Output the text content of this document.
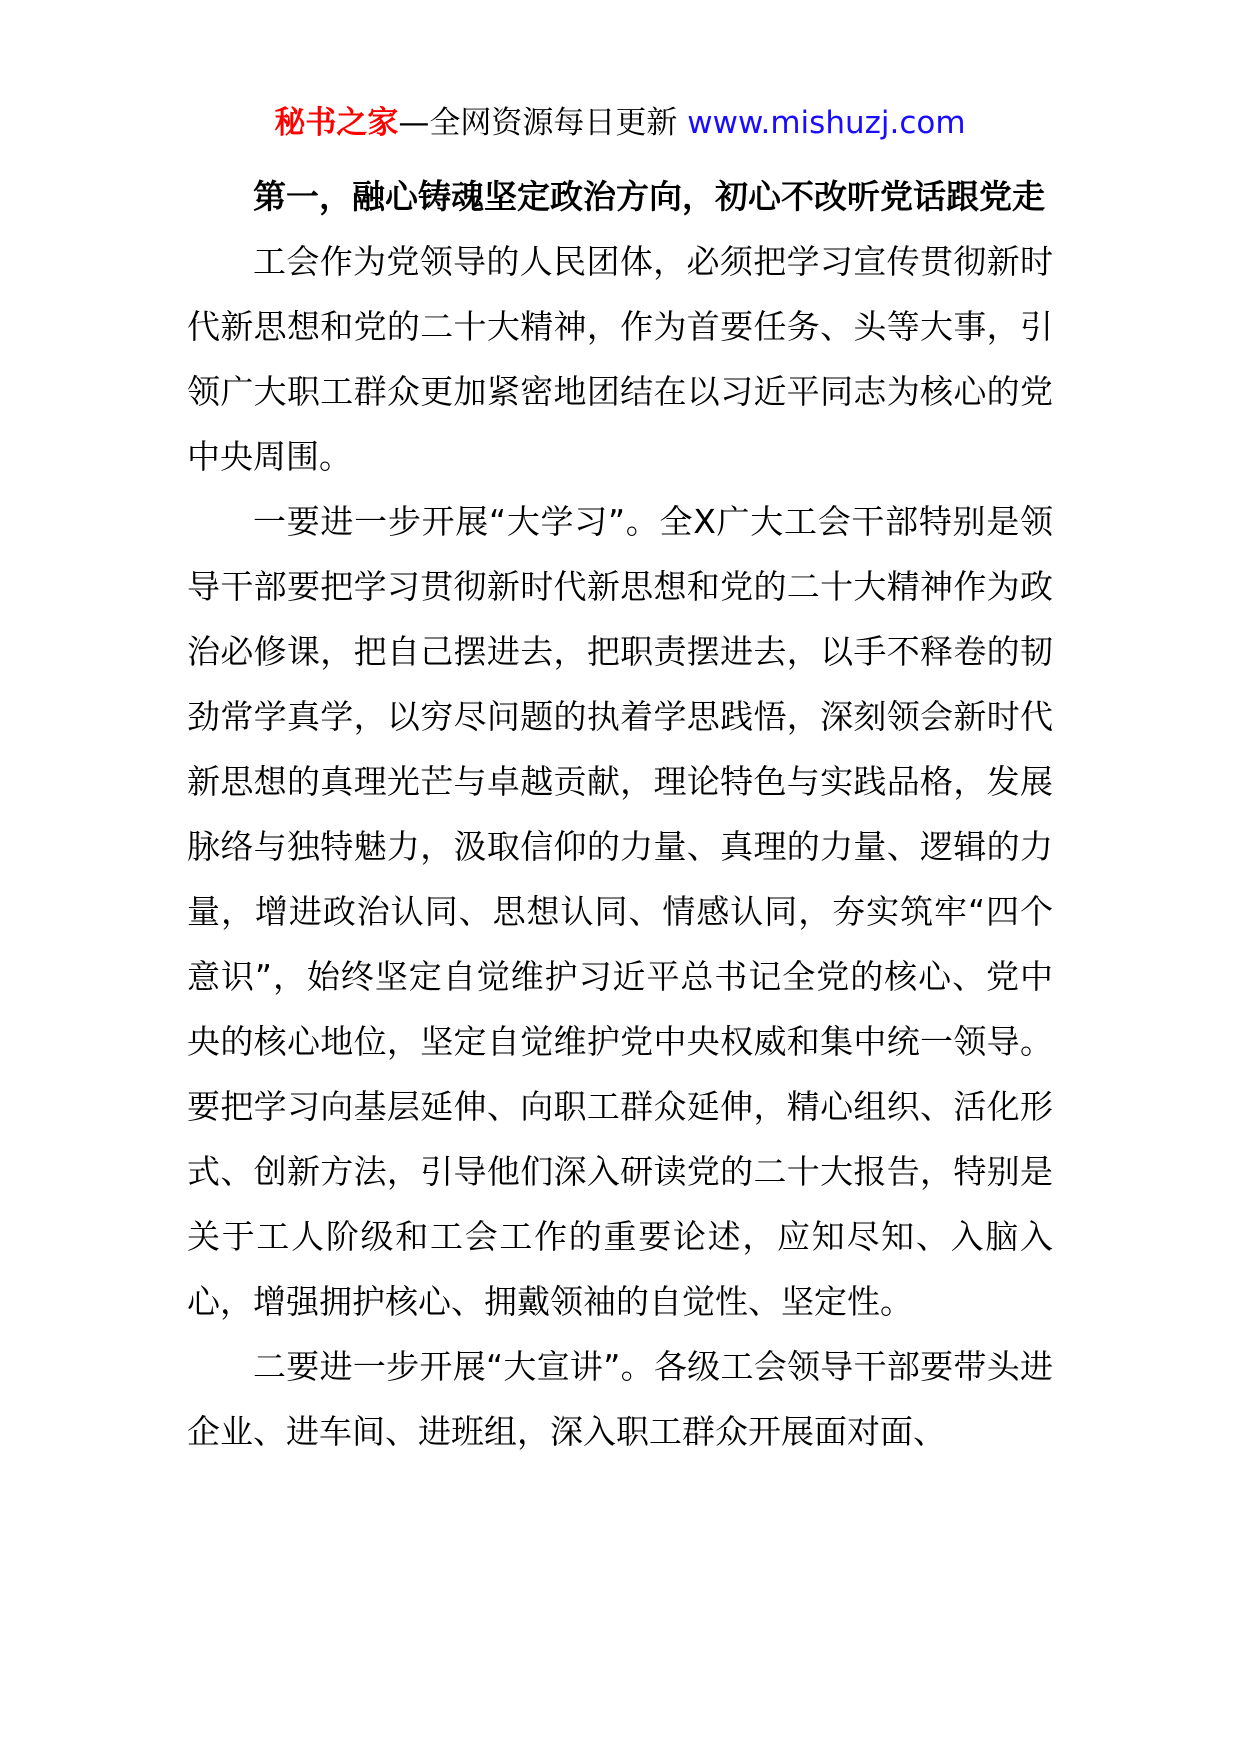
秘书之家—全网资源每日更新 www.mishuzj.com

第一，融心铸魂坚定政治方向，初心不改听党话跟党走

工会作为党领导的人民团体，必须把学习宣传贯彻新时代新思想和党的二十大精神，作为首要任务、头等大事，引领广大职工群众更加紧密地团结在以习近平同志为核心的党中央周围。

一要进一步开展“大学习”。全X广大工会干部特别是领导干部要把学习贯彻新时代新思想和党的二十大精神作为政治必修课，把自己摆进去，把职责摆进去，以手不释卷的韧劲常学真学，以穷尽问题的执着学思践悟，深刻领会新时代新思想的真理光芒与卓越贡献，理论特色与实践品格，发展脉络与独特魅力，汲取信仰的力量、真理的力量、逻辑的力量，增进政治认同、思想认同、情感认同，夯实筑牢“四个意识”，始终坚定自觉维护习近平总书记全党的核心、党中央的核心地位，坚定自觉维护党中央权威和集中统一领导。要把学习向基层延伸、向职工群众延伸，精心组织、活化形式、创新方法，引导他们深入研读党的二十大报告，特别是关于工人阶级和工会工作的重要论述，应知尽知、入脑入心，增强拥护核心、拥戴领袖的自觉性、坚定性。

二要进一步开展“大宣讲”。各级工会领导干部要带头进企业、进车间、进班组，深入职工群众开展面对面、
